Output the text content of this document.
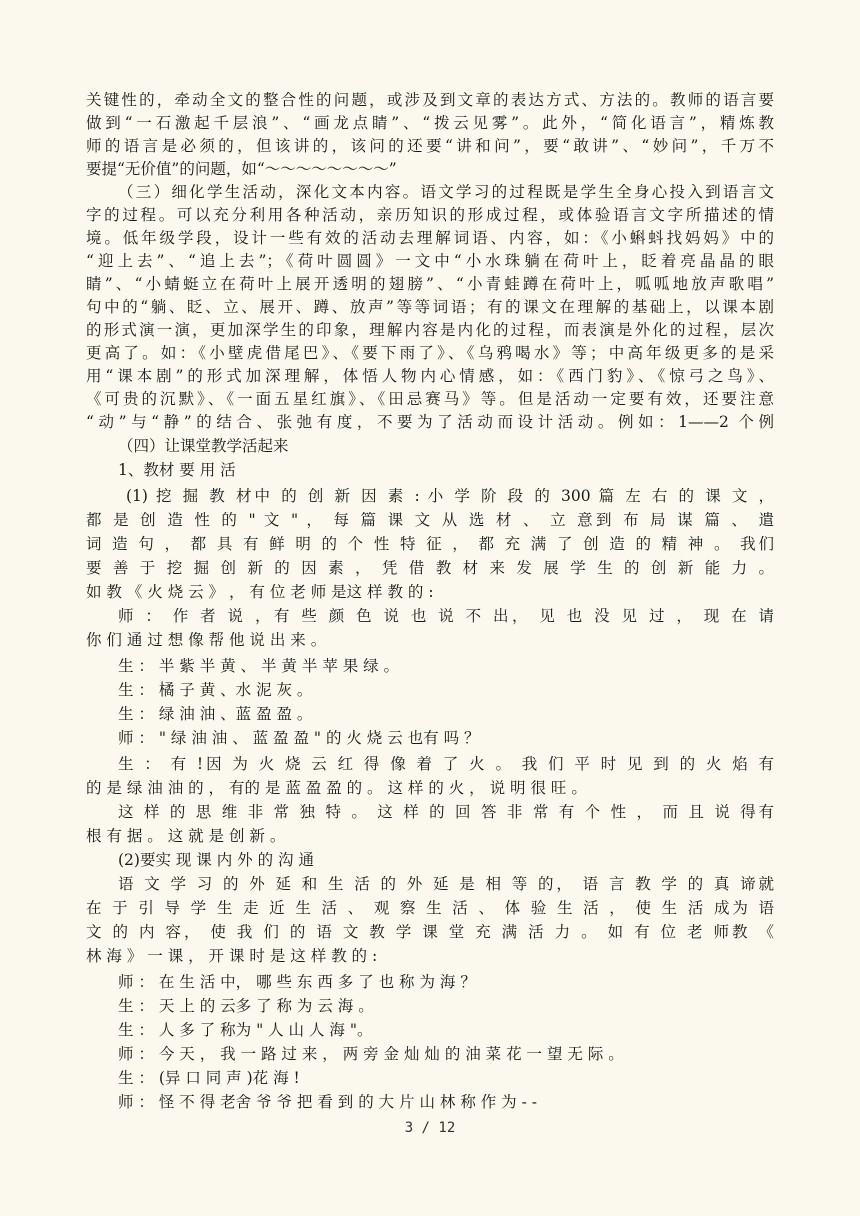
关键性的，牵动全文的整合性的问题，或涉及到文章的表达方式、方法的。教师的语言要
做到“一石激起千层浪”、“画龙点睛”、“拨云见雾”。此外，“简化语言”，精炼教
师的语言是必须的，但该讲的，该问的还要“讲和问”，要“敢讲”、“妙问”，千万不
要提“无价值”的问题，如“～～～～～～～～”
（三）细化学生活动，深化文本内容。语文学习的过程既是学生全身心投入到语言文
字的过程。可以充分利用各种活动，亲历知识的形成过程，或体验语言文字所描述的情
境。低年级学段，设计一些有效的活动去理解词语、内容，如：《小蝌蚪找妈妈》中的
“迎上去”、“追上去”；《荷叶圆圆》一文中“小水珠躺在荷叶上，眨着亮晶晶的眼
睛”、“小蜻蜓立在荷叶上展开透明的翅膀”、“小青蛙蹲在荷叶上，呱呱地放声歌唱”
句中的“躺、眨、立、展开、蹲、放声”等等词语；有的课文在理解的基础上，以课本剧
的形式演一演，更加深学生的印象，理解内容是内化的过程，而表演是外化的过程，层次
更高了。如：《小壁虎借尾巴》、《要下雨了》、《乌鸦喝水》等；中高年级更多的是采
用“课本剧”的形式加深理解，体悟人物内心情感，如：《西门豹》、《惊弓之鸟》、
《可贵的沉默》、《一面五星红旗》、《田忌赛马》等。但是活动一定要有效，还要注意
“动”与“静”的结合、张弛有度，不要为了活动而设计活动。例如：1——2 个例
（四）让课堂教学活起来
1、教材 要 用 活
(1) 挖 掘 教 材中 的 创 新 因 素 : 小 学 阶 段 的 300 篇 左 右 的 课 文 ，
都 是 创 造 性 的 " 文 " ， 每 篇 课 文 从 选 材 、 立 意到 布 局 谋 篇 、 遣
词 造 句 ， 都 具 有 鲜 明 的 个 性 特 征 ， 都 充 满 了 创 造 的 精 神 。 我们
要 善 于 挖 掘 创 新 的 因 素 ， 凭 借 教 材 来 发 展 学 生 的 创 新 能 力 。
如 教 《 火 烧 云 》 ， 有 位 老 师 是这 样 教 的 :
师 ： 作 者 说 ，有 些 颜 色 说 也 说 不 出， 见 也 没 见 过 ， 现 在 请
你 们 通 过 想 像 帮 他 说 出 来 。
生 ： 半 紫 半 黄 、 半 黄 半 苹 果 绿 。
生 ： 橘 子 黄 、水 泥 灰 。
生 ： 绿 油 油 、蓝 盈 盈 。
师 ： " 绿 油 油 、 蓝 盈 盈 " 的 火 烧 云 也有 吗 ？
生 ： 有 !因 为 火 烧 云 红 得 像 着 了 火 。 我 们 平 时 见 到 的 火 焰 有
的 是 绿 油 油 的 ， 有的 是 蓝 盈 盈 的 。 这 样 的 火 ， 说 明 很 旺 。
这 样 的 思 维 非 常 独 特 。 这 样 的 回 答 非 常 有 个 性 ， 而 且 说 得有
根 有 据 。 这 就 是 创 新 。
(2)要实 现 课 内 外 的 沟 通
语 文 学 习 的 外 延 和 生 活 的 外 延 是 相 等 的， 语 言 教 学 的 真 谛就
在 于 引 导 学 生 走 近 生 活 、 观 察 生 活 、 体 验 生 活 ， 使 生 活 成为 语
文 的 内 容， 使 我 们 的 语 文 教 学 课 堂 充 满 活 力 。 如 有 位 老 师教 《
林 海 》 一 课 ， 开 课 时 是 这 样 教 的 :
师 ： 在 生 活 中， 哪 些 东 西 多 了 也 称 为 海 ？
生 ： 天 上 的 云多 了 称 为 云 海 。
生 ： 人 多 了 称为 " 人 山 人 海 "。
师 ： 今 天 ， 我 一 路 过 来 ， 两 旁 金 灿 灿 的 油 菜 花 一 望 无 际 。
生 ： (异 口 同 声 )花 海 !
师 ： 怪 不 得 老舍 爷 爷 把 看 到 的 大 片 山 林 称 作 为 - -
3 / 12
